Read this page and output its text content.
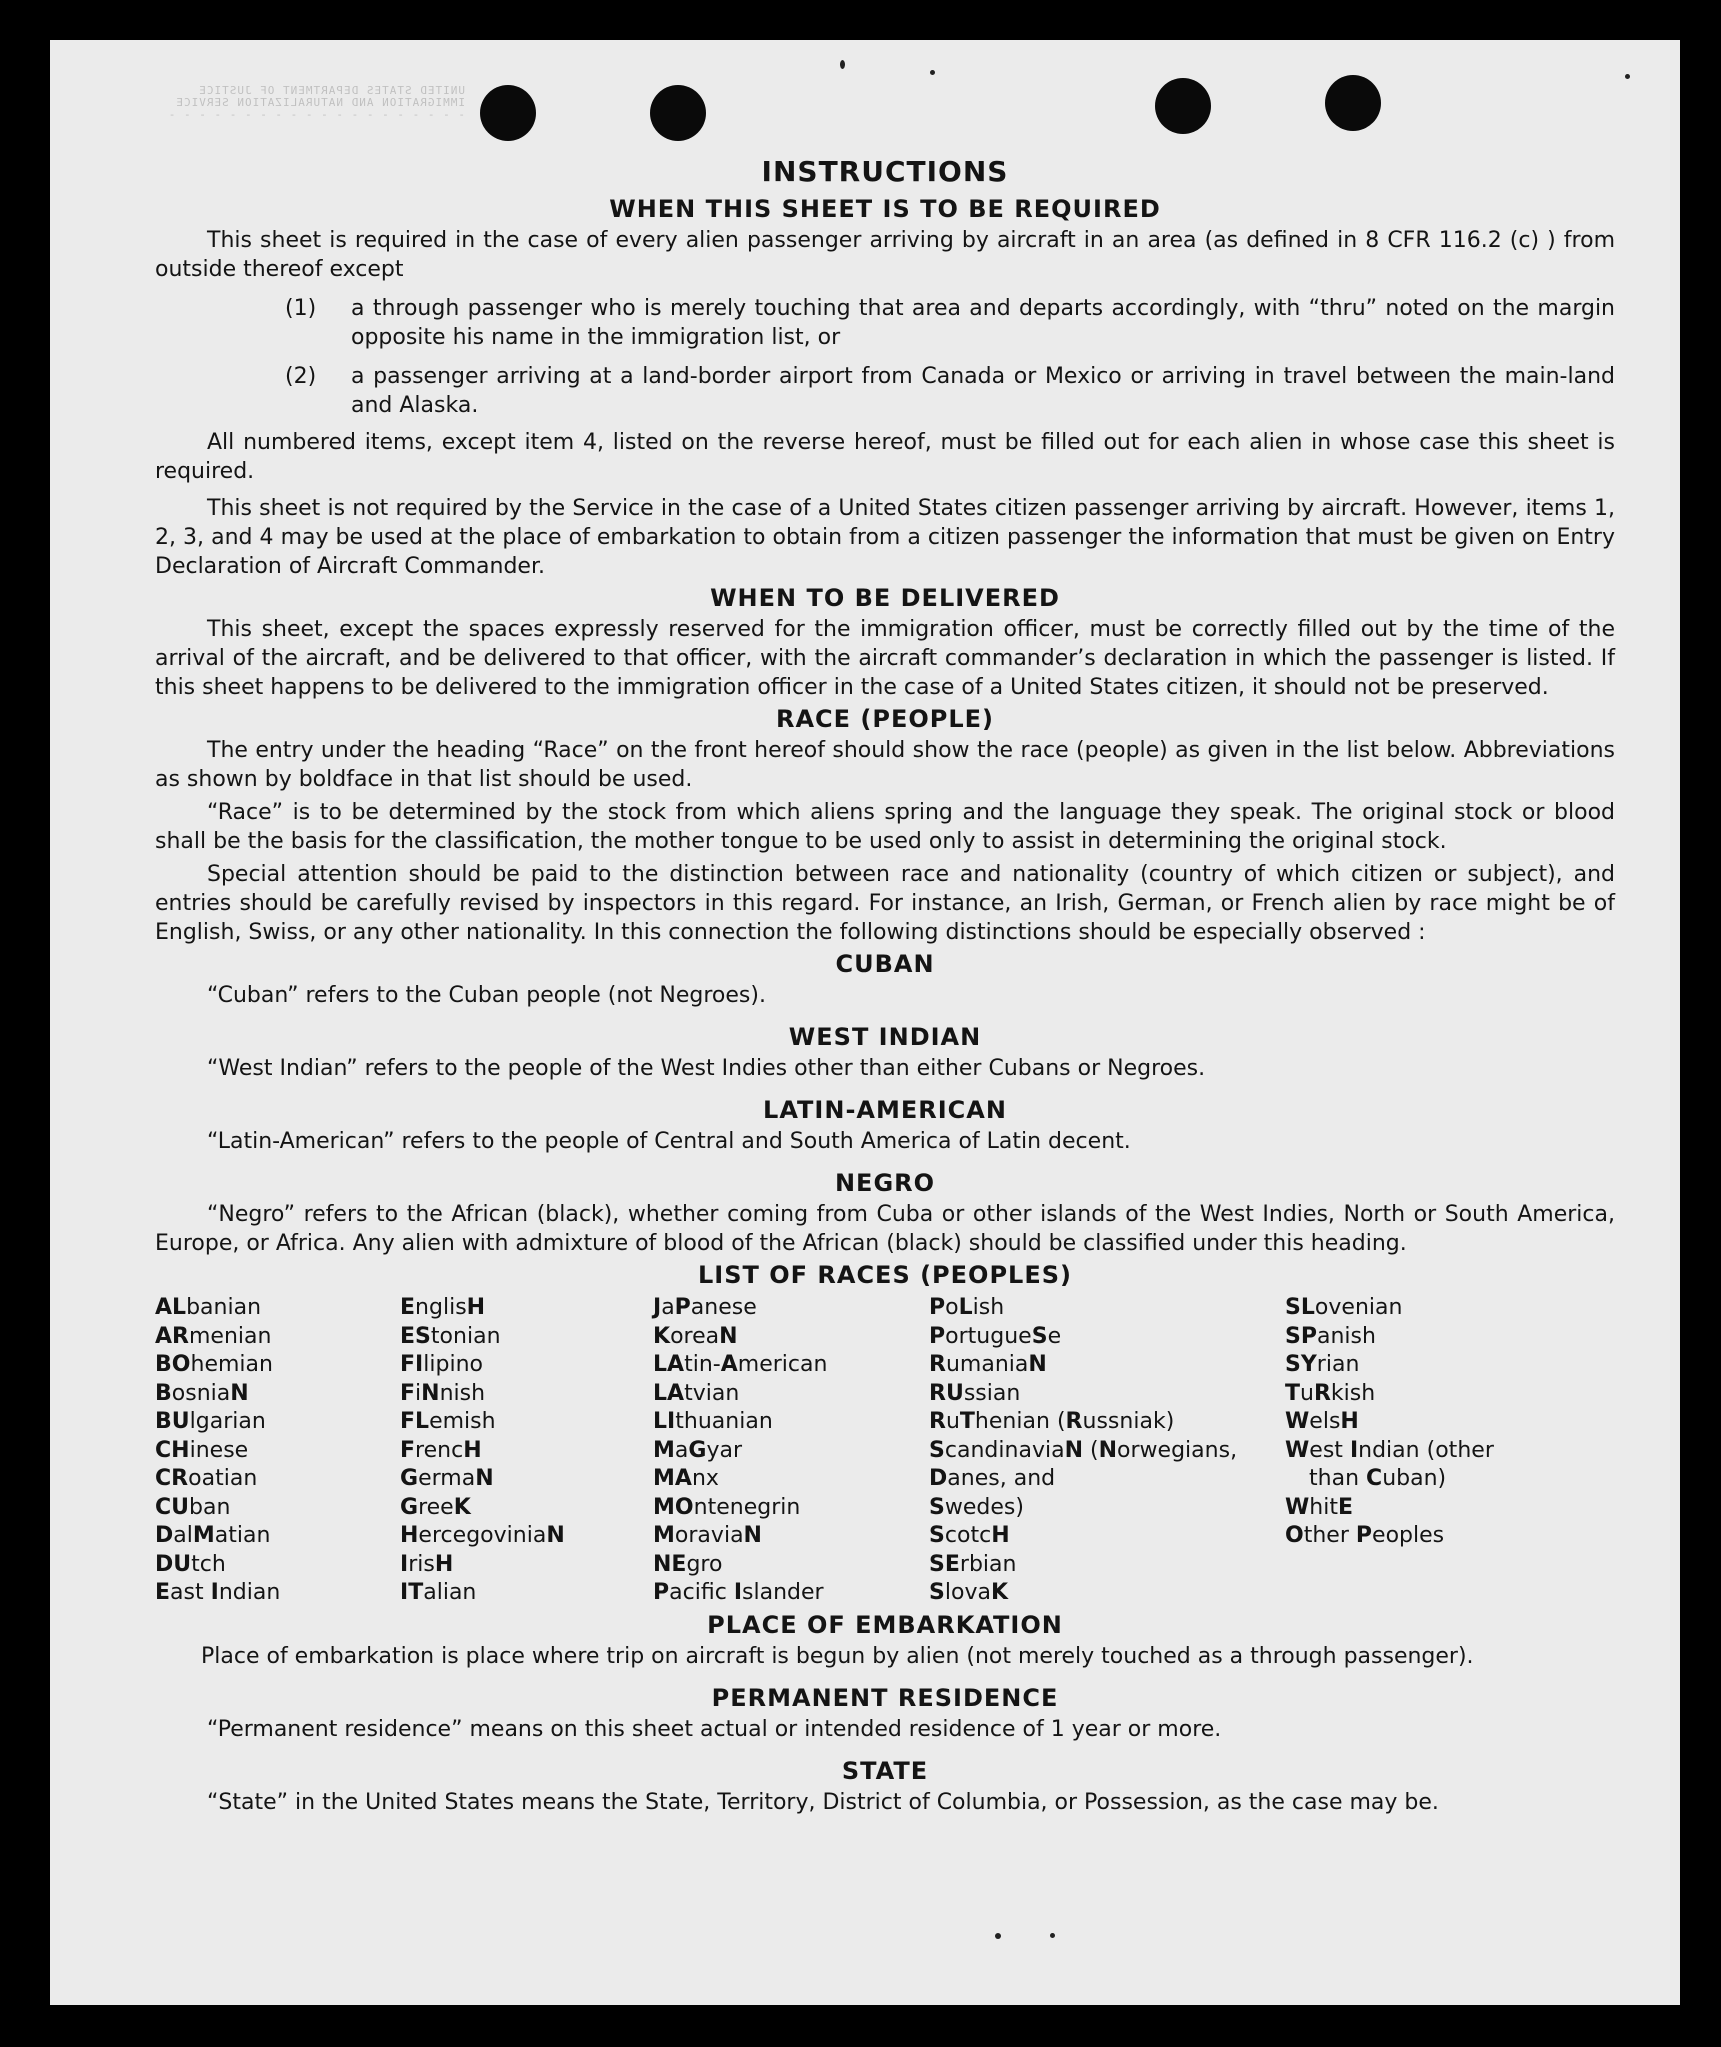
UNITED STATES DEPARTMENT OF JUSTICE
IMMIGRATION AND NATURALIZATION SERVICE
- - - - - - - - - - - - - - - - - - - -
INSTRUCTIONS
WHEN THIS SHEET IS TO BE REQUIRED

This sheet is required in the case of every alien passenger arriving by aircraft in an area (as defined in 8 CFR 116.2 (c) ) from outside thereof except

(1)	a through passenger who is merely touching that area and departs accordingly, with “thru” noted on the margin opposite his name in the immigration list, or
(2)	a passenger arriving at a land-border airport from Canada or Mexico or arriving in travel between the main-land and Alaska.

All numbered items, except item 4, listed on the reverse hereof, must be filled out for each alien in whose case this sheet is required.

This sheet is not required by the Service in the case of a United States citizen passenger arriving by aircraft. However, items 1, 2, 3, and 4 may be used at the place of embarkation to obtain from a citizen passenger the information that must be given on Entry Declaration of Aircraft Commander.

WHEN TO BE DELIVERED

This sheet, except the spaces expressly reserved for the immigration officer, must be correctly filled out by the time of the arrival of the aircraft, and be delivered to that officer, with the aircraft commander’s declaration in which the passenger is listed. If this sheet happens to be delivered to the immigration officer in the case of a United States citizen, it should not be preserved.

RACE (PEOPLE)

The entry under the heading “Race” on the front hereof should show the race (people) as given in the list below. Abbreviations as shown by boldface in that list should be used.

“Race” is to be determined by the stock from which aliens spring and the language they speak. The original stock or blood shall be the basis for the classification, the mother tongue to be used only to assist in determining the original stock.

Special attention should be paid to the distinction between race and nationality (country of which citizen or subject), and entries should be carefully revised by inspectors in this regard. For instance, an Irish, German, or French alien by race might be of English, Swiss, or any other nationality. In this connection the following distinctions should be especially observed :

CUBAN

“Cuban” refers to the Cuban people (not Negroes).

WEST INDIAN

“West Indian” refers to the people of the West Indies other than either Cubans or Negroes.

LATIN-AMERICAN

“Latin-American” refers to the people of Central and South America of Latin decent.

NEGRO

“Negro” refers to the African (black), whether coming from Cuba or other islands of the West Indies, North or South America, Europe, or Africa. Any alien with admixture of blood of the African (black) should be classified under this heading.

LIST OF RACES (PEOPLES)
ALbanian
ARmenian
BOhemian
BosniaN
BUlgarian
CHinese
CRoatian
CUban
DalMatian
DUtch
East Indian
EnglisH
EStonian
FIlipino
FiNnish
FLemish
FrencH
GermaN
GreeK
HercegoviniaN
IrisH
ITalian
JaPanese
KoreaN
LAtin-American
LAtvian
LIthuanian
MaGyar
MAnx
MOntenegrin
MoraviaN
NEgro
Pacifc Islander
PoLish
PortugueSe
RumaniaN
RUssian
RuThenian (Russniak)
ScandinaviaN (Norwegians,
Danes, and
Swedes)
ScotcH
SErbian
SlovaK
SLovenian
SPanish
SYrian
TuRkish
WelsH
West Indian (other
than Cuban)
WhitE
Other Peoples
PLACE OF EMBARKATION

Place of embarkation is place where trip on aircraft is begun by alien (not merely touched as a through passenger).

PERMANENT RESIDENCE

“Permanent residence” means on this sheet actual or intended residence of 1 year or more.

STATE

“State” in the United States means the State, Territory, District of Columbia, or Possession, as the case may be.
